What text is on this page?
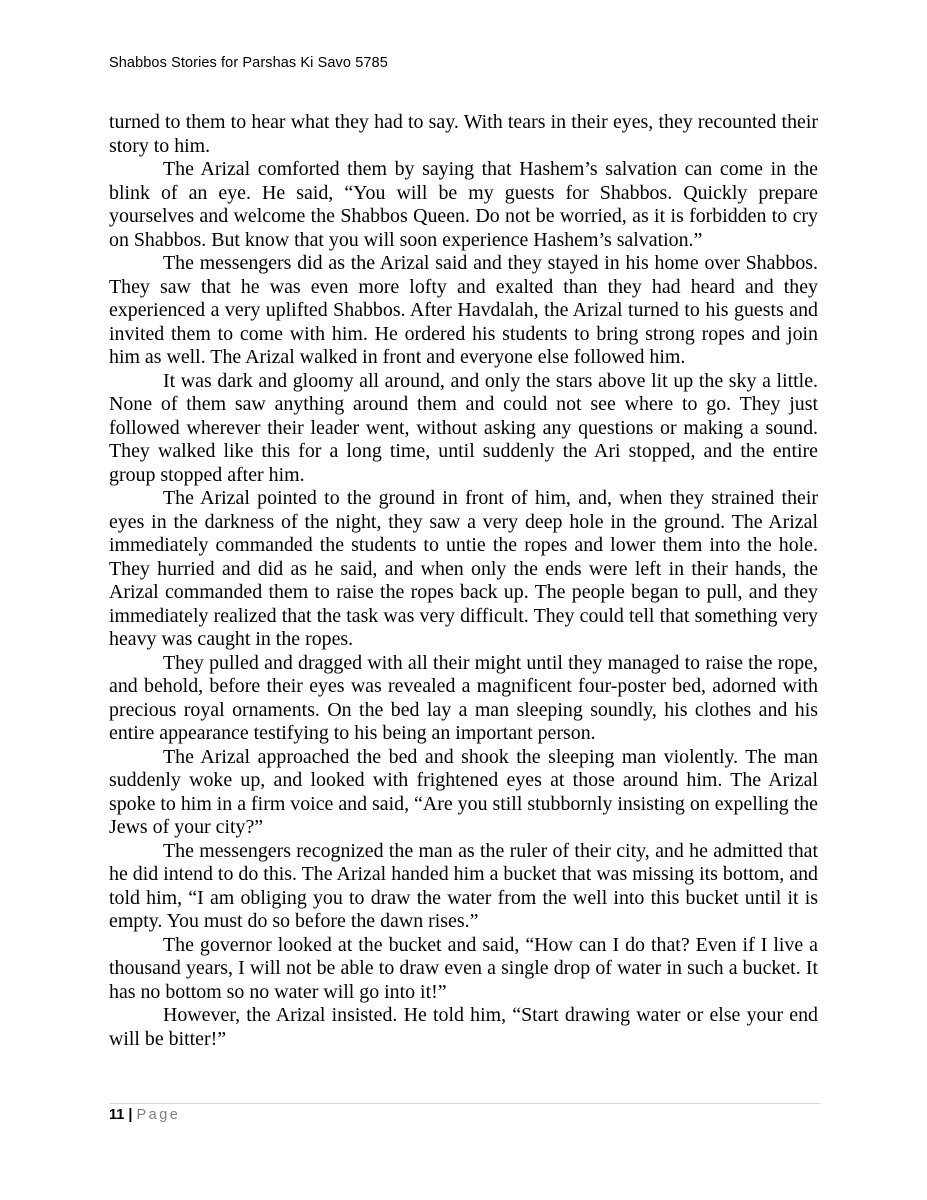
Shabbos Stories for Parshas Ki Savo 5785

turned to them to hear what they had to say. With tears in their eyes, they recounted their story to him.

The Arizal comforted them by saying that Hashem’s salvation can come in the blink of an eye. He said, “You will be my guests for Shabbos. Quickly prepare yourselves and welcome the Shabbos Queen. Do not be worried, as it is forbidden to cry on Shabbos. But know that you will soon experience Hashem’s salvation.”

The messengers did as the Arizal said and they stayed in his home over Shabbos. They saw that he was even more lofty and exalted than they had heard and they experienced a very uplifted Shabbos. After Havdalah, the Arizal turned to his guests and invited them to come with him. He ordered his students to bring strong ropes and join him as well. The Arizal walked in front and everyone else followed him.

It was dark and gloomy all around, and only the stars above lit up the sky a little. None of them saw anything around them and could not see where to go. They just followed wherever their leader went, without asking any questions or making a sound. They walked like this for a long time, until suddenly the Ari stopped, and the entire group stopped after him.

The Arizal pointed to the ground in front of him, and, when they strained their eyes in the darkness of the night, they saw a very deep hole in the ground. The Arizal immediately commanded the students to untie the ropes and lower them into the hole. They hurried and did as he said, and when only the ends were left in their hands, the Arizal commanded them to raise the ropes back up. The people began to pull, and they immediately realized that the task was very difficult. They could tell that something very heavy was caught in the ropes.

They pulled and dragged with all their might until they managed to raise the rope, and behold, before their eyes was revealed a magnificent four-poster bed, adorned with precious royal ornaments. On the bed lay a man sleeping soundly, his clothes and his entire appearance testifying to his being an important person.

The Arizal approached the bed and shook the sleeping man violently. The man suddenly woke up, and looked with frightened eyes at those around him. The Arizal spoke to him in a firm voice and said, “Are you still stubbornly insisting on expelling the Jews of your city?”

The messengers recognized the man as the ruler of their city, and he admitted that he did intend to do this. The Arizal handed him a bucket that was missing its bottom, and told him, “I am obliging you to draw the water from the well into this bucket until it is empty. You must do so before the dawn rises.”

The governor looked at the bucket and said, “How can I do that? Even if I live a thousand years, I will not be able to draw even a single drop of water in such a bucket. It has no bottom so no water will go into it!”

However, the Arizal insisted. He told him, “Start drawing water or else your end will be bitter!”

11 | Page
